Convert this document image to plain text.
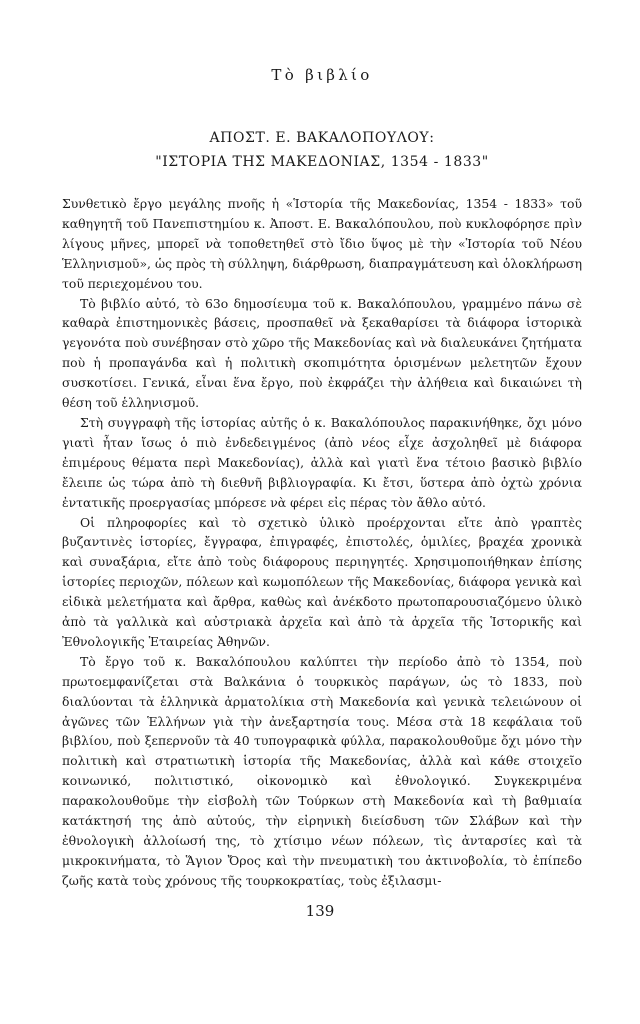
Τὸ βιβλίο
ΑΠΟΣΤ. Ε. ΒΑΚΑΛΟΠΟΥΛΟΥ:
"ΙΣΤΟΡΙΑ ΤΗΣ ΜΑΚΕΔΟΝΙΑΣ, 1354 - 1833"

Συνθετικὸ ἔργο μεγάλης πνοῆς ἡ «Ἱστορία τῆς Μακεδονίας, 1354 - 1833» τοῦ καθηγητῆ τοῦ Πανεπιστημίου κ. Ἀποστ. Ε. Βακαλόπουλου, ποὺ κυκλοφόρησε πρὶν λίγους μῆνες, μπορεῖ νὰ τοποθετηθεῖ στὸ ἴδιο ὕψος μὲ τὴν «Ἱστορία τοῦ Νέου Ἑλληνισμοῦ», ὡς πρὸς τὴ σύλληψη, διάρθρωση, διαπραγμάτευση καὶ ὁλοκλήρωση τοῦ περιεχομένου του.

Τὸ βιβλίο αὐτό, τὸ 63ο δημοσίευμα τοῦ κ. Βακαλόπουλου, γραμμένο πάνω σὲ καθαρὰ ἐπιστημονικὲς βάσεις, προσπαθεῖ νὰ ξεκαθαρίσει τὰ διάφορα ἱστορικὰ γεγονότα ποὺ συνέβησαν στὸ χῶρο τῆς Μακεδονίας καὶ νὰ διαλευκάνει ζητήματα ποὺ ἡ προπαγάνδα καὶ ἡ πολιτικὴ σκοπιμότητα ὁρισμένων μελετητῶν ἔχουν συσκοτίσει. Γενικά, εἶναι ἕνα ἔργο, ποὺ ἐκφράζει τὴν ἀλήθεια καὶ δικαιώνει τὴ θέση τοῦ ἑλληνισμοῦ.

Στὴ συγγραφὴ τῆς ἱστορίας αὐτῆς ὁ κ. Βακαλόπουλος παρακινήθηκε, ὄχι μόνο γιατὶ ἦταν ἴσως ὁ πιὸ ἐνδεδειγμένος (ἀπὸ νέος εἶχε ἀσχοληθεῖ μὲ διάφορα ἐπιμέρους θέματα περὶ Μακεδονίας), ἀλλὰ καὶ γιατὶ ἕνα τέτοιο βασικὸ βιβλίο ἔλειπε ὡς τώρα ἀπὸ τὴ διεθνῆ βιβλιογραφία. Κι ἔτσι, ὕστερα ἀπὸ ὀχτὼ χρόνια ἐντατικῆς προεργασίας μπόρεσε νὰ φέρει εἰς πέρας τὸν ἄθλο αὐτό.

Οἱ πληροφορίες καὶ τὸ σχετικὸ ὑλικὸ προέρχονται εἴτε ἀπὸ γραπτὲς βυζαντινὲς ἱστορίες, ἔγγραφα, ἐπιγραφές, ἐπιστολές, ὁμιλίες, βραχέα χρονικὰ καὶ συναξάρια, εἴτε ἀπὸ τοὺς διάφορους περιηγητές. Χρησιμοποιήθηκαν ἐπίσης ἱστορίες περιοχῶν, πόλεων καὶ κωμοπόλεων τῆς Μακεδονίας, διάφορα γενικὰ καὶ εἰδικὰ μελετήματα καὶ ἄρθρα, καθὼς καὶ ἀνέκδοτο πρωτοπαρουσιαζόμενο ὑλικὸ ἀπὸ τὰ γαλλικὰ καὶ αὐστριακὰ ἀρχεῖα καὶ ἀπὸ τὰ ἀρχεῖα τῆς Ἱστορικῆς καὶ Ἐθνολογικῆς Ἑταιρείας Ἀθηνῶν.

Τὸ ἔργο τοῦ κ. Βακαλόπουλου καλύπτει τὴν περίοδο ἀπὸ τὸ 1354, ποὺ πρωτοεμφανίζεται στὰ Βαλκάνια ὁ τουρκικὸς παράγων, ὡς τὸ 1833, ποὺ διαλύονται τὰ ἑλληνικὰ ἀρματολίκια στὴ Μακεδονία καὶ γενικὰ τελειώνουν οἱ ἀγῶνες τῶν Ἑλλήνων γιὰ τὴν ἀνεξαρτησία τους. Μέσα στὰ 18 κεφάλαια τοῦ βιβλίου, ποὺ ξεπερνοῦν τὰ 40 τυπογραφικὰ φύλλα, παρακολουθοῦμε ὄχι μόνο τὴν πολιτικὴ καὶ στρατιωτικὴ ἱστορία τῆς Μακεδονίας, ἀλλὰ καὶ κάθε στοιχεῖο κοινωνικό, πολιτιστικό, οἰκονομικὸ καὶ ἐθνολογικό. Συγκεκριμένα παρακολουθοῦμε τὴν εἰσβολὴ τῶν Τούρκων στὴ Μακεδονία καὶ τὴ βαθμιαία κατάκτησή της ἀπὸ αὐτούς, τὴν εἰρηνικὴ διείσδυση τῶν Σλάβων καὶ τὴν ἐθνολογικὴ ἀλλοίωσή της, τὸ χτίσιμο νέων πόλεων, τὶς ἀνταρσίες καὶ τὰ μικροκινήματα, τὸ Ἅγιον Ὄρος καὶ τὴν πνευματικὴ του ἀκτινοβολία, τὸ ἐπίπεδο ζωῆς κατὰ τοὺς χρόνους τῆς τουρκοκρατίας, τοὺς ἐξιλασμι-

139
